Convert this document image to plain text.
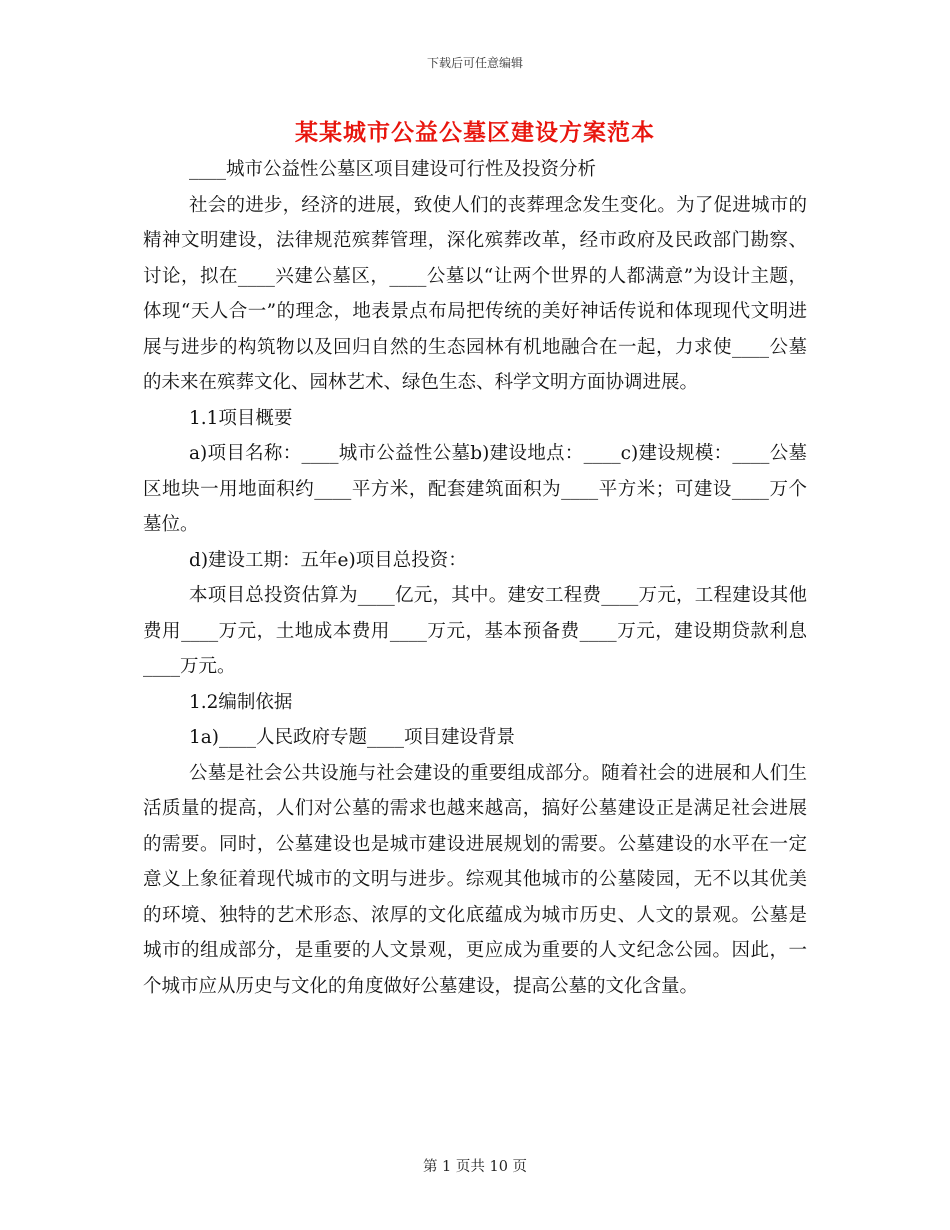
下载后可任意编辑
某某城市公益公墓区建设方案范本

____城市公益性公墓区项目建设可行性及投资分析

社会的进步，经济的进展，致使人们的丧葬理念发生变化。为了促进城市的精神文明建设，法律规范殡葬管理，深化殡葬改革，经市政府及民政部门勘察、讨论，拟在____兴建公墓区，____公墓以“让两个世界的人都满意”为设计主题，体现“天人合一”的理念，地表景点布局把传统的美好神话传说和体现现代文明进展与进步的构筑物以及回归自然的生态园林有机地融合在一起，力求使____公墓的未来在殡葬文化、园林艺术、绿色生态、科学文明方面协调进展。

1.1项目概要

a)项目名称：____城市公益性公墓b)建设地点：____c)建设规模：____公墓区地块一用地面积约____平方米，配套建筑面积为____平方米；可建设____万个墓位。

d)建设工期：五年e)项目总投资：

本项目总投资估算为____亿元，其中。建安工程费____万元，工程建设其他费用____万元，土地成本费用____万元，基本预备费____万元，建设期贷款利息____万元。

1.2编制依据

1a)____人民政府专题____项目建设背景

公墓是社会公共设施与社会建设的重要组成部分。随着社会的进展和人们生活质量的提高，人们对公墓的需求也越来越高，搞好公墓建设正是满足社会进展的需要。同时，公墓建设也是城市建设进展规划的需要。公墓建设的水平在一定意义上象征着现代城市的文明与进步。综观其他城市的公墓陵园，无不以其优美的环境、独特的艺术形态、浓厚的文化底蕴成为城市历史、人文的景观。公墓是城市的组成部分，是重要的人文景观，更应成为重要的人文纪念公园。因此，一个城市应从历史与文化的角度做好公墓建设，提高公墓的文化含量。

第 1 页共 10 页
